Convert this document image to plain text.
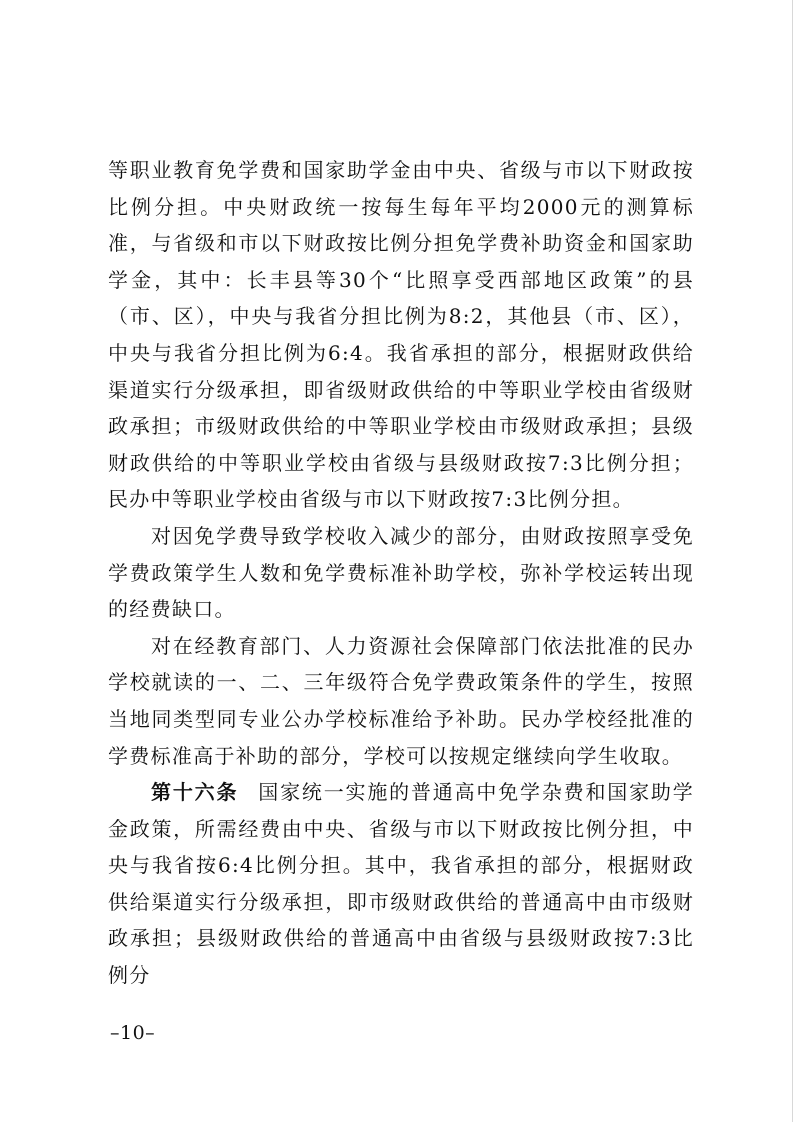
等职业教育免学费和国家助学金由中央、省级与市以下财政按比例分担。中央财政统一按每生每年平均2000元的测算标准，与省级和市以下财政按比例分担免学费补助资金和国家助学金，其中：长丰县等30个“比照享受西部地区政策”的县（市、区），中央与我省分担比例为8:2，其他县（市、区），中央与我省分担比例为6:4。我省承担的部分，根据财政供给渠道实行分级承担，即省级财政供给的中等职业学校由省级财政承担；市级财政供给的中等职业学校由市级财政承担；县级财政供给的中等职业学校由省级与县级财政按7:3比例分担；民办中等职业学校由省级与市以下财政按7:3比例分担。

对因免学费导致学校收入减少的部分，由财政按照享受免学费政策学生人数和免学费标准补助学校，弥补学校运转出现的经费缺口。

对在经教育部门、人力资源社会保障部门依法批准的民办学校就读的一、二、三年级符合免学费政策条件的学生，按照当地同类型同专业公办学校标准给予补助。民办学校经批准的学费标准高于补助的部分，学校可以按规定继续向学生收取。

第十六条 国家统一实施的普通高中免学杂费和国家助学金政策，所需经费由中央、省级与市以下财政按比例分担，中央与我省按6:4比例分担。其中，我省承担的部分，根据财政供给渠道实行分级承担，即市级财政供给的普通高中由市级财政承担；县级财政供给的普通高中由省级与县级财政按7:3比例分

–10–
